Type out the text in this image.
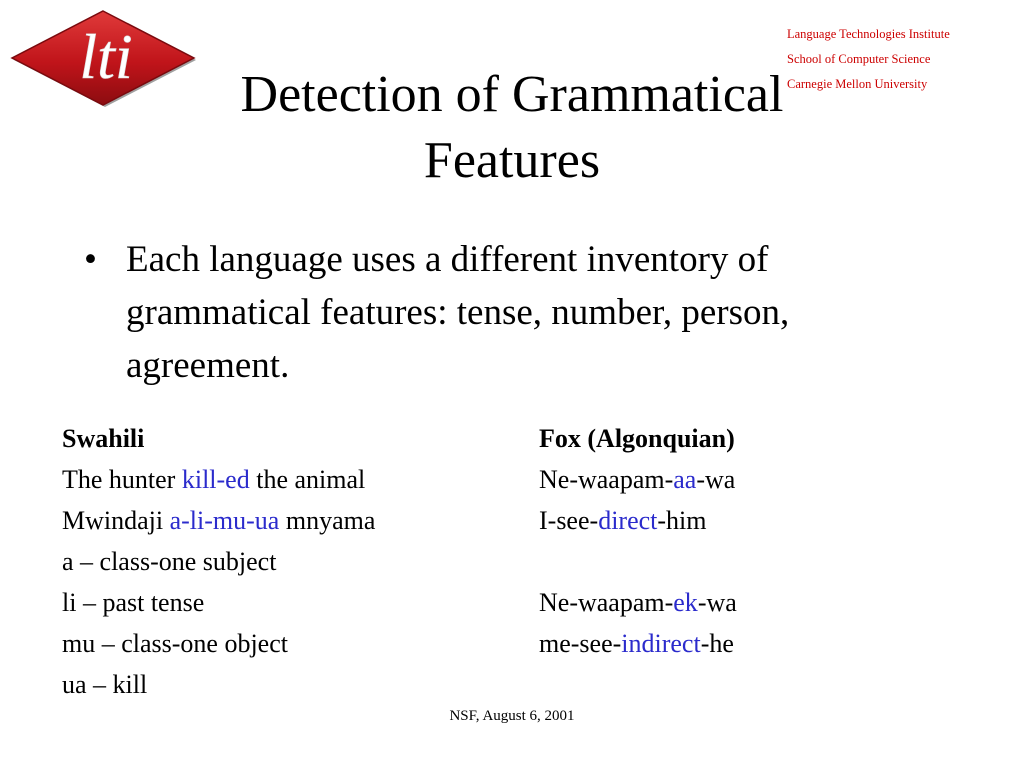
lti	Language Technologies Institute
School of Computer Science
Carnegie Mellon University
Detection of Grammatical
Features
• Each language uses a different inventory of grammatical features: tense, number, person, agreement.
Swahili
The hunter kill-ed the animal
Mwindaji a-li-mu-ua mnyama
a – class-one subject
li – past tense
mu – class-one object
ua – kill
Fox (Algonquian)
Ne-waapam-aa-wa
I-see-direct-him
Ne-waapam-ek-wa
me-see-indirect-he
NSF, August 6, 2001
